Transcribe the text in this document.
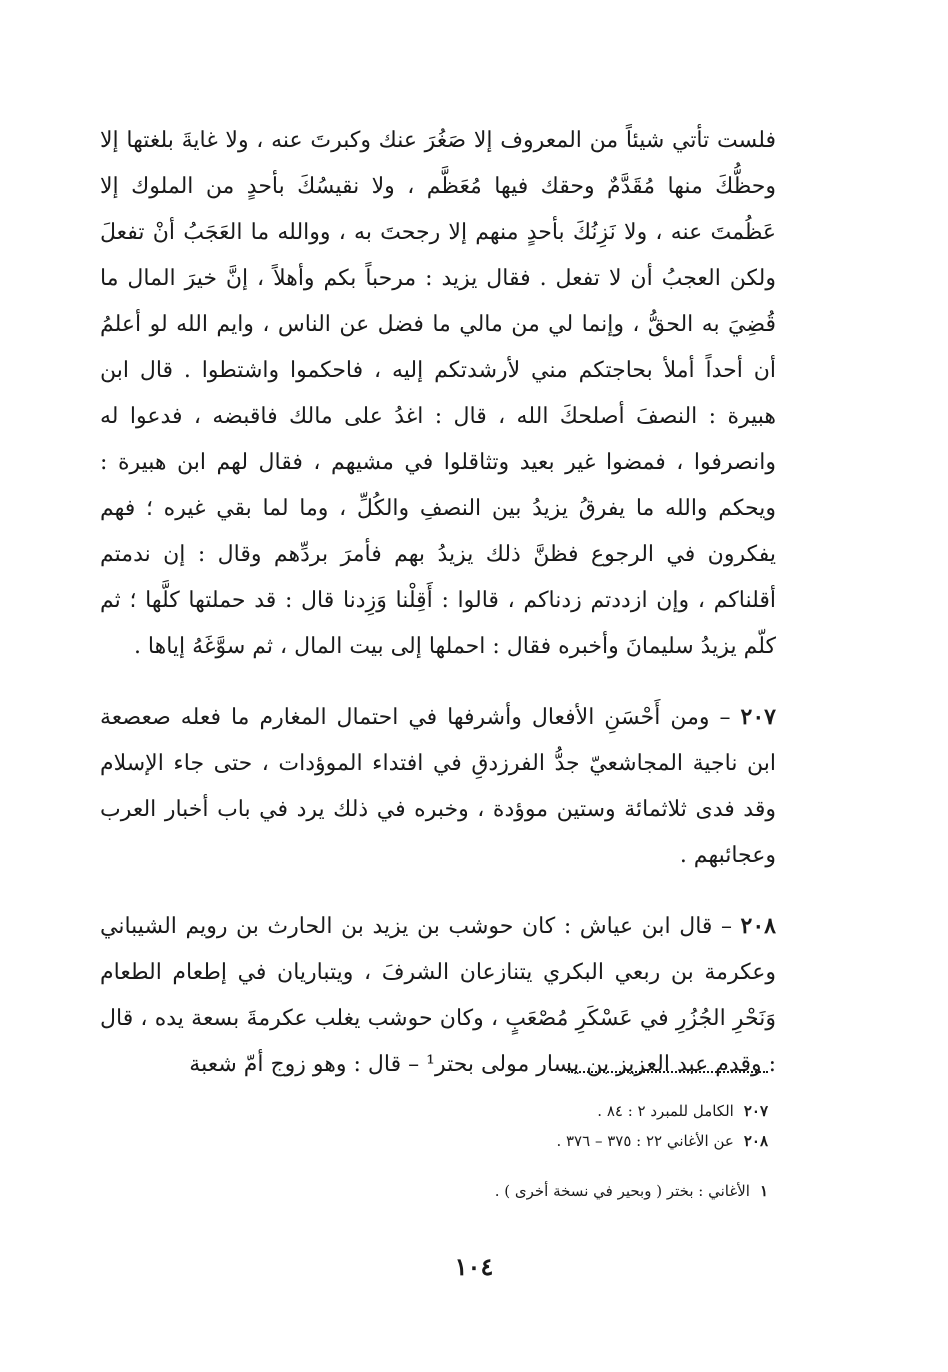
فلست تأتي شيئاً من المعروف إلا صَغُرَ عنك وكبرتَ عنه ، ولا غايةَ بلغتها إلا وحظُّكَ منها مُقَدَّمٌ وحقك فيها مُعَظَّم ، ولا نقيسُكَ بأحدٍ من الملوك إلا عَظُمتَ عنه ، ولا نَزِنُكَ بأحدٍ منهم إلا رجحتَ به ، ووالله ما العَجَبُ أنْ تفعلَ ولكن العجبُ أن لا تفعل . فقال يزيد : مرحباً بكم وأهلاً ، إنَّ خيرَ المال ما قُضِيَ به الحقُّ ، وإنما لي من مالي ما فضل عن الناس ، وايم الله لو أعلمُ أن أحداً أملأ بحاجتكم مني لأرشدتكم إليه ، فاحكموا واشتطوا . قال ابن هبيرة : النصفَ أصلحكَ الله ، قال : اغدُ على مالك فاقبضه ، فدعوا له وانصرفوا ، فمضوا غير بعيد وتثاقلوا في مشيهم ، فقال لهم ابن هبيرة : ويحكم والله ما يفرقُ يزيدُ بين النصفِ والكُلِّ ، وما لما بقي غيره ؛ فهم يفكرون في الرجوع فظنَّ ذلك يزيدُ بهم فأمرَ بردِّهم وقال : إن ندمتم أقلناكم ، وإن ازددتم زدناكم ، قالوا : أَقِلْنا وَزِدنا قال : قد حملتها كلَّها ؛ ثم كلّم يزيدُ سليمانَ وأخبره فقال : احملها إلى بيت المال ، ثم سوَّغَهُ إياها .

٢٠٧ – ومن أَحْسَنِ الأفعال وأشرفها في احتمال المغارم ما فعله صعصعة ابن ناجية المجاشعيّ جدُّ الفرزدقِ في افتداء الموؤدات ، حتى جاء الإسلام وقد فدى ثلاثمائة وستين موؤدة ، وخبره في ذلك يرد في باب أخبار العرب وعجائبهم .

٢٠٨ – قال ابن عياش : كان حوشب بن يزيد بن الحارث بن رويم الشيباني وعكرمة بن ربعي البكري يتنازعان الشرفَ ، ويتباريان في إطعام الطعام وَنَحْرِ الجُزُرِ في عَسْكَرِ مُصْعَبٍ ، وكان حوشب يغلب عكرمةَ بسعة يده ، قال : وقدم عبد العزيز بن يسار مولى بحتر¹ – قال : وهو زوج أمّ شعبة

٢٠٧الكامل للمبرد ٢ : ٨٤ .
٢٠٨عن الأغاني ٢٢ : ٣٧٥ – ٣٧٦ .
١الأغاني : بختر ( وبحير في نسخة أخرى ) .
١٠٤
